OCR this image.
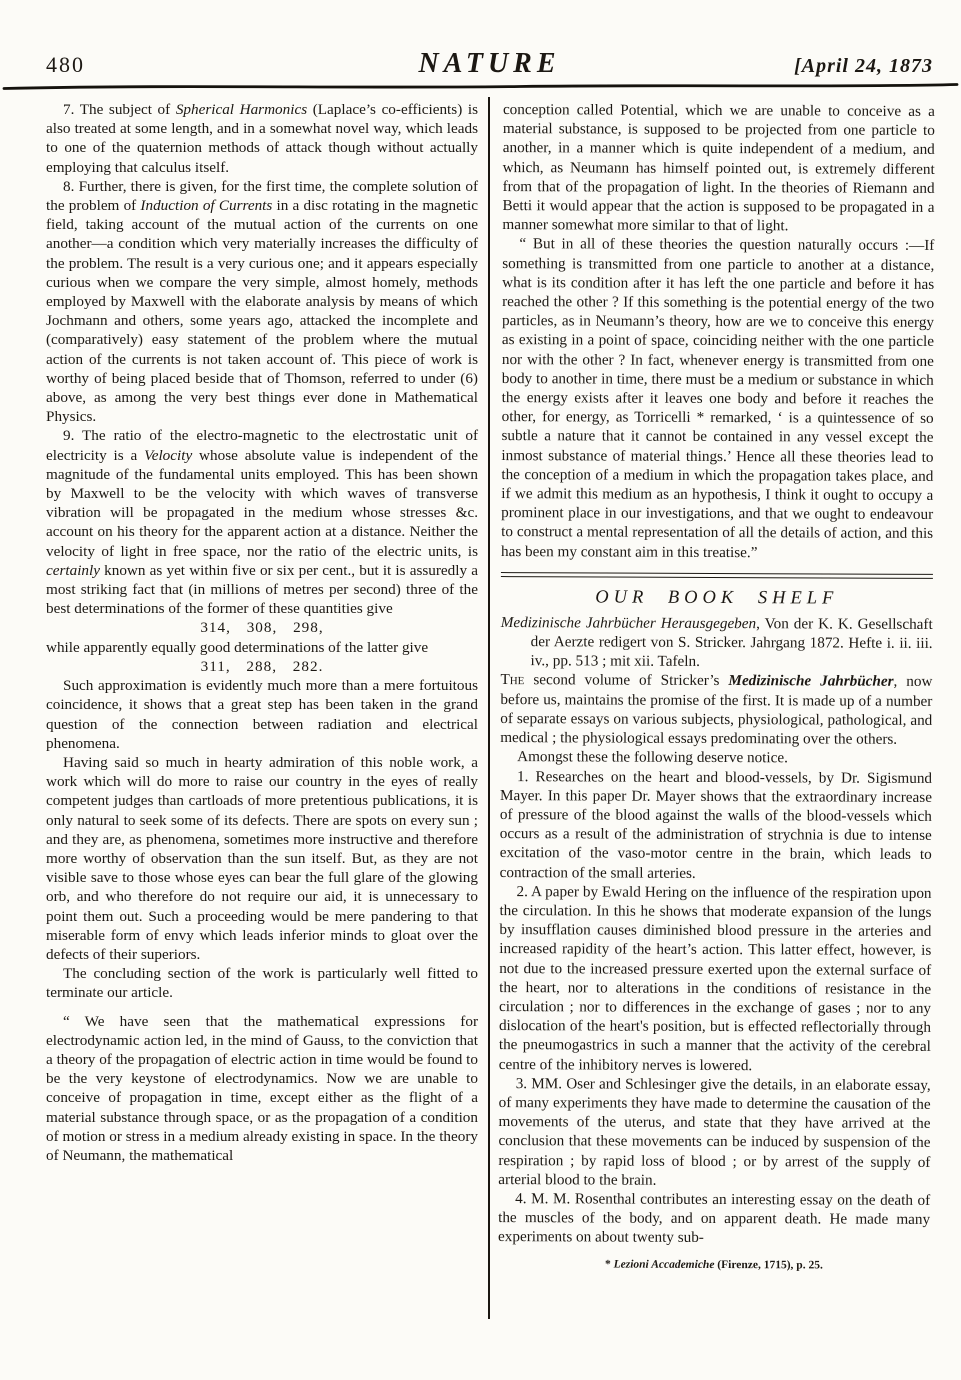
480	NATURE	[April 24, 1873

7. The subject of Spherical Harmonics (Laplace’s co-efficients) is also treated at some length, and in a somewhat novel way, which leads to one of the quaternion methods of attack though without actually employing that calculus itself.

8. Further, there is given, for the first time, the complete solution of the problem of Induction of Currents in a disc rotating in the magnetic field, taking account of the mutual action of the currents on one another—a condition which very materially increases the difficulty of the problem. The result is a very curious one; and it appears especially curious when we compare the very simple, almost homely, methods employed by Maxwell with the elaborate analysis by means of which Jochmann and others, some years ago, attacked the incomplete and (comparatively) easy statement of the problem where the mutual action of the currents is not taken account of. This piece of work is worthy of being placed beside that of Thomson, referred to under (6) above, as among the very best things ever done in Mathematical Physics.

9. The ratio of the electro-magnetic to the electrostatic unit of electricity is a Velocity whose absolute value is independent of the magnitude of the fundamental units employed. This has been shown by Maxwell to be the velocity with which waves of transverse vibration will be propagated in the medium whose stresses &c. account on his theory for the apparent action at a distance. Neither the velocity of light in free space, nor the ratio of the electric units, is certainly known as yet within five or six per cent., but it is assuredly a most striking fact that (in millions of metres per second) three of the best determinations of the former of these quantities give

314, 308, 298,

while apparently equally good determinations of the latter give

311, 288, 282.

Such approximation is evidently much more than a mere fortuitous coincidence, it shows that a great step has been taken in the grand question of the connection between radiation and electrical phenomena.

Having said so much in hearty admiration of this noble work, a work which will do more to raise our country in the eyes of really competent judges than cartloads of more pretentious publications, it is only natural to seek some of its defects. There are spots on every sun ; and they are, as phenomena, sometimes more instructive and therefore more worthy of observation than the sun itself. But, as they are not visible save to those whose eyes can bear the full glare of the glowing orb, and who therefore do not require our aid, it is unnecessary to point them out. Such a proceeding would be mere pandering to that miserable form of envy which leads inferior minds to gloat over the defects of their superiors.

The concluding section of the work is particularly well fitted to terminate our article.

“ We have seen that the mathematical expressions for electrodynamic action led, in the mind of Gauss, to the conviction that a theory of the propagation of electric action in time would be found to be the very keystone of electrodynamics. Now we are unable to conceive of propagation in time, except either as the flight of a material substance through space, or as the propagation of a condition of motion or stress in a medium already existing in space. In the theory of Neumann, the mathematical

conception called Potential, which we are unable to conceive as a material substance, is supposed to be projected from one particle to another, in a manner which is quite independent of a medium, and which, as Neumann has himself pointed out, is extremely different from that of the propagation of light. In the theories of Riemann and Betti it would appear that the action is supposed to be propagated in a manner somewhat more similar to that of light.

“ But in all of these theories the question naturally occurs :—If something is transmitted from one particle to another at a distance, what is its condition after it has left the one particle and before it has reached the other ? If this something is the potential energy of the two particles, as in Neumann’s theory, how are we to conceive this energy as existing in a point of space, coinciding neither with the one particle nor with the other ? In fact, whenever energy is transmitted from one body to another in time, there must be a medium or substance in which the energy exists after it leaves one body and before it reaches the other, for energy, as Torricelli * remarked, ‘ is a quintessence of so subtle a nature that it cannot be contained in any vessel except the inmost substance of material things.’ Hence all these theories lead to the conception of a medium in which the propagation takes place, and if we admit this medium as an hypothesis, I think it ought to occupy a prominent place in our investigations, and that we ought to endeavour to construct a mental representation of all the details of action, and this has been my constant aim in this treatise.”

OUR BOOK SHELF

Medizinische Jahrbücher Herausgegeben, Von der K. K. Gesellschaft der Aerzte redigert von S. Stricker. Jahrgang 1872. Hefte i. ii. iii. iv., pp. 513 ; mit xii. Tafeln.

The second volume of Stricker’s Medizinische Jahrbücher, now before us, maintains the promise of the first. It is made up of a number of separate essays on various subjects, physiological, pathological, and medical ; the physiological essays predominating over the others.

Amongst these the following deserve notice.

1. Researches on the heart and blood-vessels, by Dr. Sigismund Mayer. In this paper Dr. Mayer shows that the extraordinary increase of pressure of the blood against the walls of the blood-vessels which occurs as a result of the administration of strychnia is due to intense excitation of the vaso-motor centre in the brain, which leads to contraction of the small arteries.

2. A paper by Ewald Hering on the influence of the respiration upon the circulation. In this he shows that moderate expansion of the lungs by insufflation causes diminished blood pressure in the arteries and increased rapidity of the heart’s action. This latter effect, however, is not due to the increased pressure exerted upon the external surface of the heart, nor to alterations in the conditions of resistance in the circulation ; nor to differences in the exchange of gases ; nor to any dislocation of the heart's position, but is effected reflectorially through the pneumogastrics in such a manner that the activity of the cerebral centre of the inhibitory nerves is lowered.

3. MM. Oser and Schlesinger give the details, in an elaborate essay, of many experiments they have made to determine the causation of the movements of the uterus, and state that they have arrived at the conclusion that these movements can be induced by suspension of the respiration ; by rapid loss of blood ; or by arrest of the supply of arterial blood to the brain.

4. M. M. Rosenthal contributes an interesting essay on the death of the muscles of the body, and on apparent death. He made many experiments on about twenty sub-

* Lezioni Accademiche (Firenze, 1715), p. 25.
